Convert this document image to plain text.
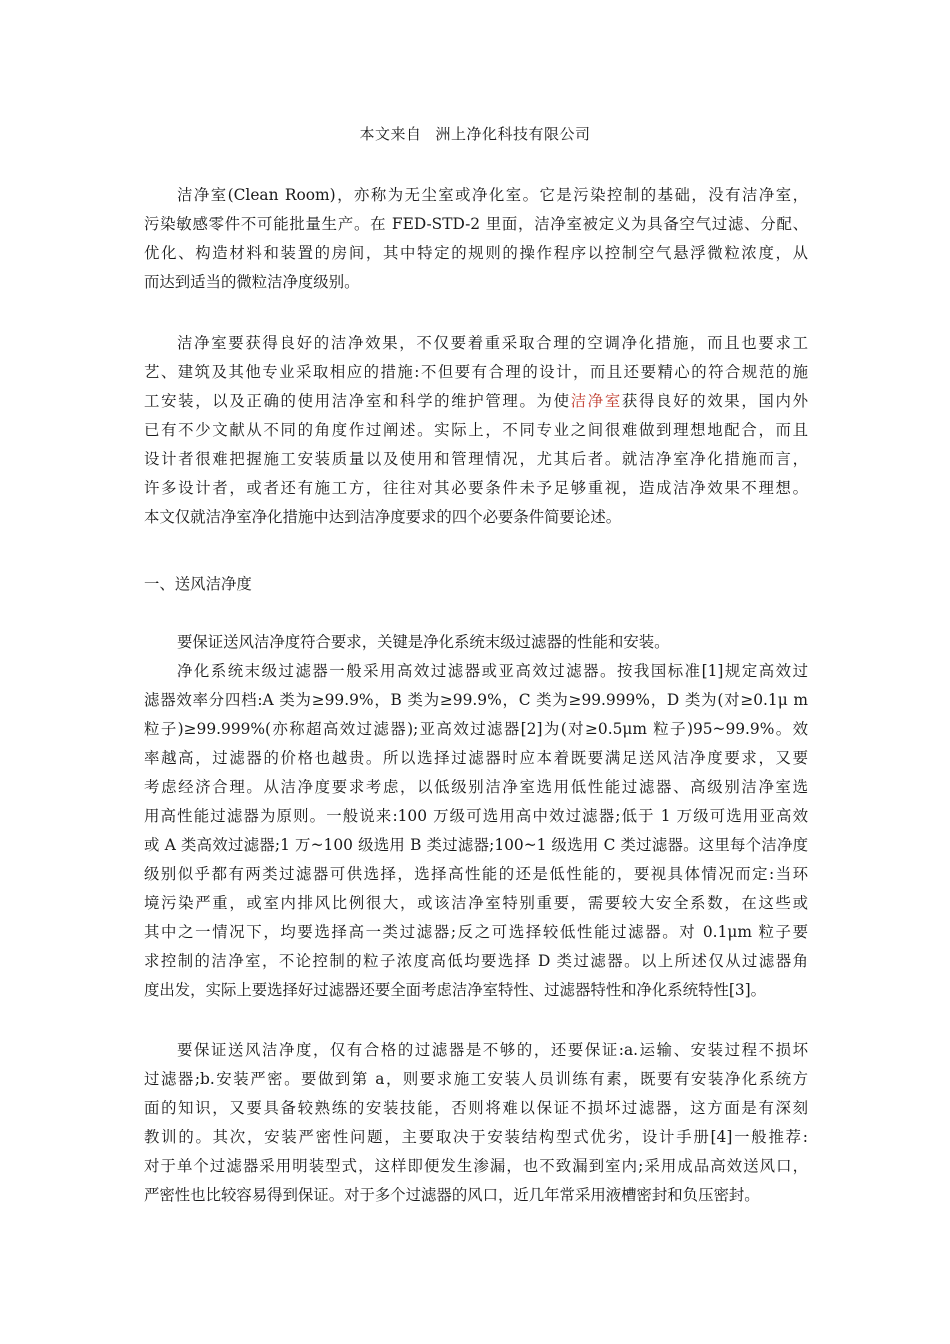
本文来自 洲上净化科技有限公司
洁净室(Clean Room)，亦称为无尘室或净化室。它是污染控制的基础，没有洁净室，
污染敏感零件不可能批量生产。在 FED-STD-2 里面，洁净室被定义为具备空气过滤、分配、
优化、构造材料和装置的房间，其中特定的规则的操作程序以控制空气悬浮微粒浓度，从
而达到适当的微粒洁净度级别。
洁净室要获得良好的洁净效果，不仅要着重采取合理的空调净化措施，而且也要求工
艺、建筑及其他专业采取相应的措施:不但要有合理的设计，而且还要精心的符合规范的施
工安装，以及正确的使用洁净室和科学的维护管理。为使洁净室获得良好的效果，国内外
已有不少文献从不同的角度作过阐述。实际上，不同专业之间很难做到理想地配合，而且
设计者很难把握施工安装质量以及使用和管理情况，尤其后者。就洁净室净化措施而言，
许多设计者，或者还有施工方，往往对其必要条件未予足够重视，造成洁净效果不理想。
本文仅就洁净室净化措施中达到洁净度要求的四个必要条件简要论述。
一、送风洁净度
要保证送风洁净度符合要求，关键是净化系统末级过滤器的性能和安装。
净化系统末级过滤器一般采用高效过滤器或亚高效过滤器。按我国标准[1]规定高效过
滤器效率分四档:A 类为≥99.9%，B 类为≥99.9%，C 类为≥99.999%，D 类为(对≥0.1μ m
粒子)≥99.999%(亦称超高效过滤器);亚高效过滤器[2]为(对≥0.5μm 粒子)95~99.9%。效
率越高，过滤器的价格也越贵。所以选择过滤器时应本着既要满足送风洁净度要求，又要
考虑经济合理。从洁净度要求考虑，以低级别洁净室选用低性能过滤器、高级别洁净室选
用高性能过滤器为原则。一般说来:100 万级可选用高中效过滤器;低于 1 万级可选用亚高效
或 A 类高效过滤器;1 万~100 级选用 B 类过滤器;100~1 级选用 C 类过滤器。这里每个洁净度
级别似乎都有两类过滤器可供选择，选择高性能的还是低性能的，要视具体情况而定:当环
境污染严重，或室内排风比例很大，或该洁净室特别重要，需要较大安全系数，在这些或
其中之一情况下，均要选择高一类过滤器;反之可选择较低性能过滤器。对 0.1μm 粒子要
求控制的洁净室，不论控制的粒子浓度高低均要选择 D 类过滤器。以上所述仅从过滤器角
度出发，实际上要选择好过滤器还要全面考虑洁净室特性、过滤器特性和净化系统特性[3]。
要保证送风洁净度，仅有合格的过滤器是不够的，还要保证:a.运输、安装过程不损坏
过滤器;b.安装严密。要做到第 a，则要求施工安装人员训练有素，既要有安装净化系统方
面的知识，又要具备较熟练的安装技能，否则将难以保证不损坏过滤器，这方面是有深刻
教训的。其次，安装严密性问题，主要取决于安装结构型式优劣，设计手册[4]一般推荐:
对于单个过滤器采用明装型式，这样即便发生渗漏，也不致漏到室内;采用成品高效送风口，
严密性也比较容易得到保证。对于多个过滤器的风口，近几年常采用液槽密封和负压密封。
